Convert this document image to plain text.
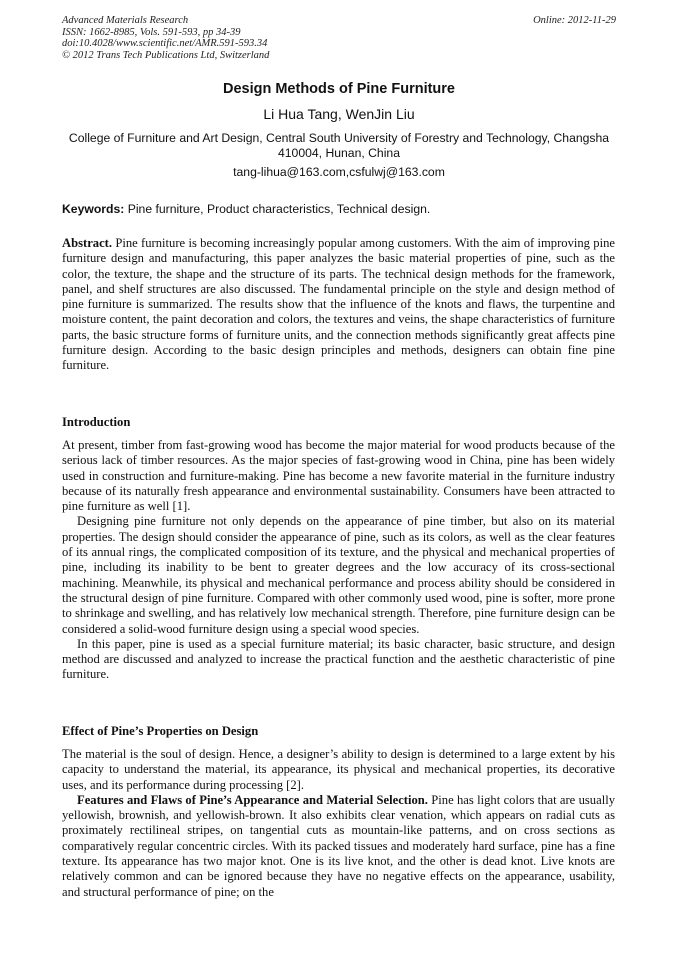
Advanced Materials Research
ISSN: 1662-8985, Vols. 591-593, pp 34-39
doi:10.4028/www.scientific.net/AMR.591-593.34
© 2012 Trans Tech Publications Ltd, Switzerland
Online: 2012-11-29
Design Methods of Pine Furniture
Li Hua Tang, WenJin Liu
College of Furniture and Art Design, Central South University of Forestry and Technology, Changsha 410004, Hunan, China
tang-lihua@163.com,csfulwj@163.com
Keywords: Pine furniture, Product characteristics, Technical design.

Abstract. Pine furniture is becoming increasingly popular among customers. With the aim of improving pine furniture design and manufacturing, this paper analyzes the basic material properties of pine, such as the color, the texture, the shape and the structure of its parts. The technical design methods for the framework, panel, and shelf structures are also discussed. The fundamental principle on the style and design method of pine furniture is summarized. The results show that the influence of the knots and flaws, the turpentine and moisture content, the paint decoration and colors, the textures and veins, the shape characteristics of furniture parts, the basic structure forms of furniture units, and the connection methods significantly great affects pine furniture design. According to the basic design principles and methods, designers can obtain fine pine furniture.

Introduction

At present, timber from fast-growing wood has become the major material for wood products because of the serious lack of timber resources. As the major species of fast-growing wood in China, pine has been widely used in construction and furniture-making. Pine has become a new favorite material in the furniture industry because of its naturally fresh appearance and environmental sustainability. Consumers have been attracted to pine furniture as well [1].

Designing pine furniture not only depends on the appearance of pine timber, but also on its material properties. The design should consider the appearance of pine, such as its colors, as well as the clear features of its annual rings, the complicated composition of its texture, and the physical and mechanical properties of pine, including its inability to be bent to greater degrees and the low accuracy of its cross-sectional machining. Meanwhile, its physical and mechanical performance and process ability should be considered in the structural design of pine furniture. Compared with other commonly used wood, pine is softer, more prone to shrinkage and swelling, and has relatively low mechanical strength. Therefore, pine furniture design can be considered a solid-wood furniture design using a special wood species.

In this paper, pine is used as a special furniture material; its basic character, basic structure, and design method are discussed and analyzed to increase the practical function and the aesthetic characteristic of pine furniture.

Effect of Pine’s Properties on Design

The material is the soul of design. Hence, a designer’s ability to design is determined to a large extent by his capacity to understand the material, its appearance, its physical and mechanical properties, its decorative uses, and its performance during processing [2].

Features and Flaws of Pine’s Appearance and Material Selection. Pine has light colors that are usually yellowish, brownish, and yellowish-brown. It also exhibits clear venation, which appears on radial cuts as proximately rectilineal stripes, on tangential cuts as mountain-like patterns, and on cross sections as comparatively regular concentric circles. With its packed tissues and moderately hard surface, pine has a fine texture. Its appearance has two major knot. One is its live knot, and the other is dead knot. Live knots are relatively common and can be ignored because they have no negative effects on the appearance, usability, and structural performance of pine; on the
